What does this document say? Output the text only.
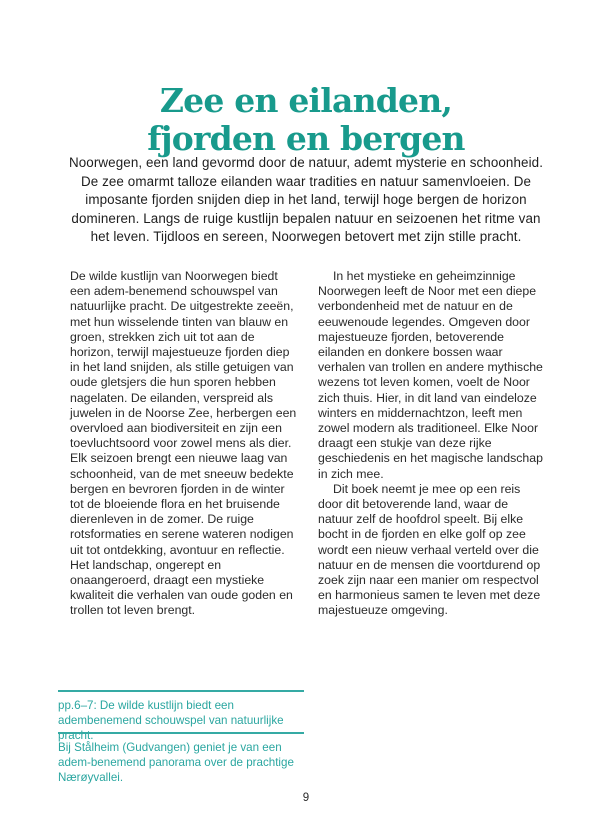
Zee en eilanden,
fjorden en bergen
Noorwegen, een land gevormd door de natuur, ademt mysterie en schoonheid. De zee omarmt talloze eilanden waar tradities en natuur samenvloeien. De imposante fjorden snijden diep in het land, terwijl hoge bergen de horizon domineren. Langs de ruige kustlijn bepalen natuur en seizoenen het ritme van het leven. Tijdloos en sereen, Noorwegen betovert met zijn stille pracht.

De wilde kustlijn van Noorwegen biedt een adem-benemend schouwspel van natuurlijke pracht. De uitgestrekte zeeën, met hun wisselende tinten van blauw en groen, strekken zich uit tot aan de horizon, terwijl majestueuze fjorden diep in het land snijden, als stille getuigen van oude gletsjers die hun sporen hebben nagelaten. De eilanden, verspreid als juwelen in de Noorse Zee, herbergen een overvloed aan biodiversiteit en zijn een toevluchtsoord voor zowel mens als dier. Elk seizoen brengt een nieuwe laag van schoonheid, van de met sneeuw bedekte bergen en bevroren fjorden in de winter tot de bloeiende flora en het bruisende dierenleven in de zomer. De ruige rotsformaties en serene wateren nodigen uit tot ontdekking, avontuur en reflectie. Het landschap, ongerept en onaangeroerd, draagt een mystieke kwaliteit die verhalen van oude goden en trollen tot leven brengt.

In het mystieke en geheimzinnige Noorwegen leeft de Noor met een diepe verbondenheid met de natuur en de eeuwenoude legendes. Omgeven door majestueuze fjorden, betoverende eilanden en donkere bossen waar verhalen van trollen en andere mythische wezens tot leven komen, voelt de Noor zich thuis. Hier, in dit land van eindeloze winters en middernachtzon, leeft men zowel modern als traditioneel. Elke Noor draagt een stukje van deze rijke geschiedenis en het magische landschap in zich mee.

Dit boek neemt je mee op een reis door dit betoverende land, waar de natuur zelf de hoofdrol speelt. Bij elke bocht in de fjorden en elke golf op zee wordt een nieuw verhaal verteld over die natuur en de mensen die voortdurend op zoek zijn naar een manier om respectvol en harmonieus samen te leven met deze majestueuze omgeving.

pp.6–7: De wilde kustlijn biedt een adembenemend schouwspel van natuurlijke pracht.
Bij Stålheim (Gudvangen) geniet je van een adem-benemend panorama over de prachtige Nærøyvallei.
9
